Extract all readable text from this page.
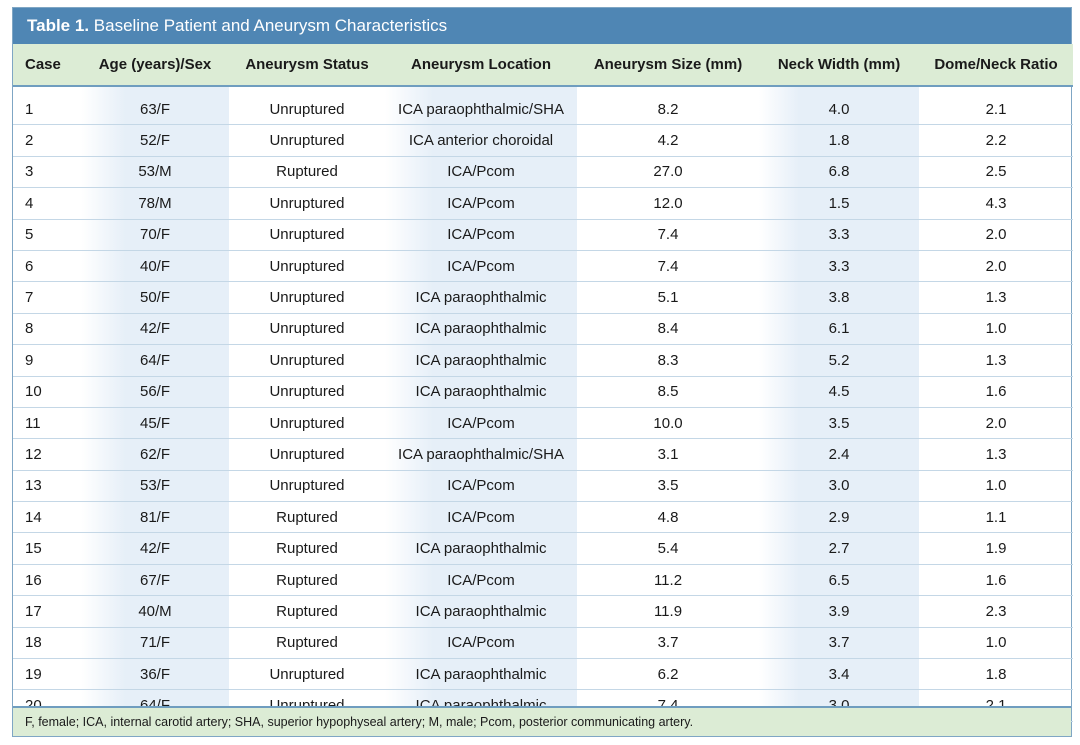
Table 1. Baseline Patient and Aneurysm Characteristics
Case	Age (years)/Sex	Aneurysm Status	Aneurysm Location	Aneurysm Size (mm)	Neck Width (mm)	Dome/Neck Ratio

1	63/F	Unruptured	ICA paraophthalmic/SHA	8.2	4.0	2.1
2	52/F	Unruptured	ICA anterior choroidal	4.2	1.8	2.2
3	53/M	Ruptured	ICA/Pcom	27.0	6.8	2.5
4	78/M	Unruptured	ICA/Pcom	12.0	1.5	4.3
5	70/F	Unruptured	ICA/Pcom	7.4	3.3	2.0
6	40/F	Unruptured	ICA/Pcom	7.4	3.3	2.0
7	50/F	Unruptured	ICA paraophthalmic	5.1	3.8	1.3
8	42/F	Unruptured	ICA paraophthalmic	8.4	6.1	1.0
9	64/F	Unruptured	ICA paraophthalmic	8.3	5.2	1.3
10	56/F	Unruptured	ICA paraophthalmic	8.5	4.5	1.6
11	45/F	Unruptured	ICA/Pcom	10.0	3.5	2.0
12	62/F	Unruptured	ICA paraophthalmic/SHA	3.1	2.4	1.3
13	53/F	Unruptured	ICA/Pcom	3.5	3.0	1.0
14	81/F	Ruptured	ICA/Pcom	4.8	2.9	1.1
15	42/F	Ruptured	ICA paraophthalmic	5.4	2.7	1.9
16	67/F	Ruptured	ICA/Pcom	11.2	6.5	1.6
17	40/M	Ruptured	ICA paraophthalmic	11.9	3.9	2.3
18	71/F	Ruptured	ICA/Pcom	3.7	3.7	1.0
19	36/F	Unruptured	ICA paraophthalmic	6.2	3.4	1.8

F, female; ICA, internal carotid artery; SHA, superior hypophyseal artery; M, male; Pcom, posterior communicating artery.
